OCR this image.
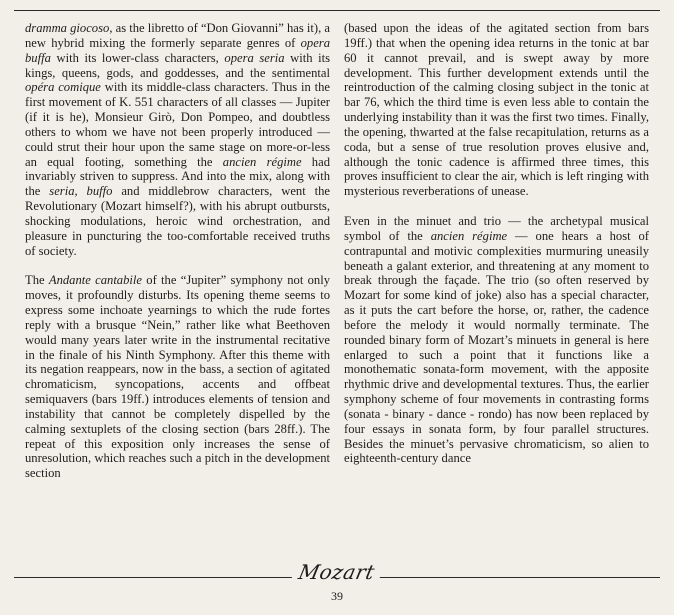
dramma giocoso, as the libretto of “Don Giovanni” has it), a new hybrid mixing the formerly separate genres of opera buffa with its lower-class characters, opera seria with its kings, queens, gods, and goddesses, and the sentimental opéra comique with its middle-class characters. Thus in the first movement of K. 551 characters of all classes — Jupiter (if it is he), Monsieur Girò, Don Pompeo, and doubtless others to whom we have not been properly introduced — could strut their hour upon the same stage on more-or-less an equal footing, something the ancien régime had invariably striven to suppress. And into the mix, along with the seria, buffo and middlebrow characters, went the Revolutionary (Mozart himself?), with his abrupt outbursts, shocking modulations, heroic wind orchestration, and pleasure in puncturing the too-comfortable received truths of society.

The Andante cantabile of the “Jupiter” symphony not only moves, it profoundly disturbs. Its opening theme seems to express some inchoate yearnings to which the rude fortes reply with a brusque “Nein,” rather like what Beethoven would many years later write in the instrumental recitative in the finale of his Ninth Symphony. After this theme with its negation reappears, now in the bass, a section of agitated chromaticism, syncopations, accents and offbeat semiquavers (bars 19ff.) introduces elements of tension and instability that cannot be completely dispelled by the calming sextuplets of the closing section (bars 28ff.). The repeat of this exposition only increases the sense of unresolution, which reaches such a pitch in the development section

(based upon the ideas of the agitated section from bars 19ff.) that when the opening idea returns in the tonic at bar 60 it cannot prevail, and is swept away by more development. This further development extends until the reintroduction of the calming closing subject in the tonic at bar 76, which the third time is even less able to contain the underlying instability than it was the first two times. Finally, the opening, thwarted at the false recapitulation, returns as a coda, but a sense of true resolution proves elusive and, although the tonic cadence is affirmed three times, this proves insufficient to clear the air, which is left ringing with mysterious reverberations of unease.

Even in the minuet and trio — the archetypal musical symbol of the ancien régime — one hears a host of contrapuntal and motivic complexities murmuring uneasily beneath a galant exterior, and threatening at any moment to break through the façade. The trio (so often reserved by Mozart for some kind of joke) also has a special character, as it puts the cart before the horse, or, rather, the cadence before the melody it would normally terminate. The rounded binary form of Mozart’s minuets in general is here enlarged to such a point that it functions like a monothematic sonata-form movement, with the apposite rhythmic drive and developmental textures. Thus, the earlier symphony scheme of four movements in contrasting forms (sonata - binary - dance - rondo) has now been replaced by four essays in sonata form, by four parallel structures. Besides the minuet’s pervasive chromaticism, so alien to eighteenth-century dance

Mozart
39
